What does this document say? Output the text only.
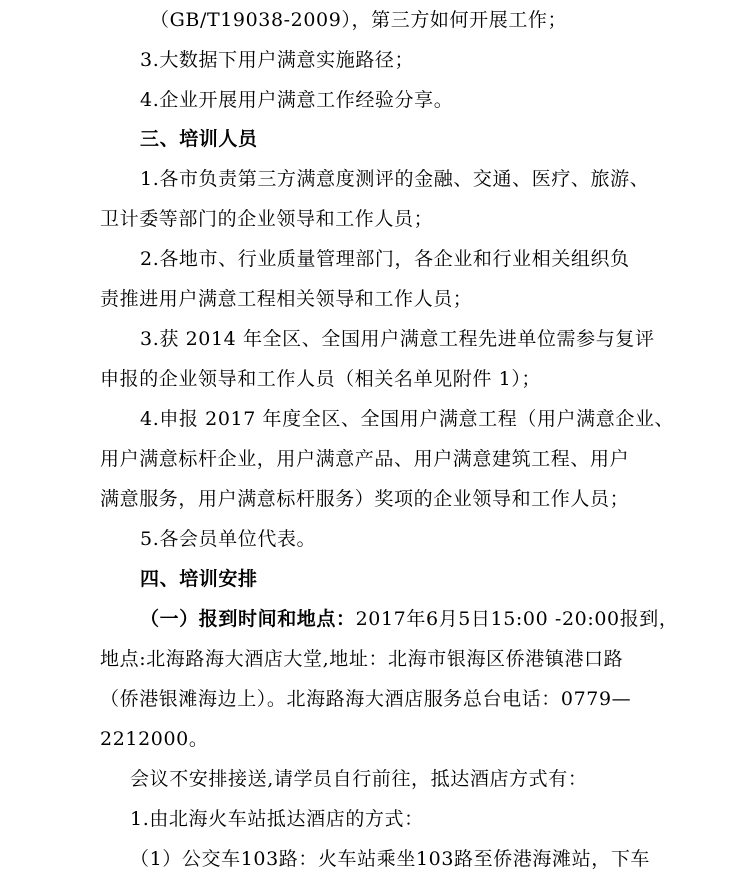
（GB/T19038-2009），第三方如何开展工作；
3.大数据下用户满意实施路径；
4.企业开展用户满意工作经验分享。
三、培训人员
1.各市负责第三方满意度测评的金融、交通、医疗、旅游、
卫计委等部门的企业领导和工作人员；
2.各地市、行业质量管理部门，各企业和行业相关组织负
责推进用户满意工程相关领导和工作人员；
3.获 2014 年全区、全国用户满意工程先进单位需参与复评
申报的企业领导和工作人员（相关名单见附件 1）；
4.申报 2017 年度全区、全国用户满意工程（用户满意企业、
用户满意标杆企业，用户满意产品、用户满意建筑工程、用户
满意服务，用户满意标杆服务）奖项的企业领导和工作人员；
5.各会员单位代表。
四、培训安排
（一）报到时间和地点：2017年6月5日15:00 -20:00报到，
地点:北海路海大酒店大堂,地址：北海市银海区侨港镇港口路
（侨港银滩海边上）。北海路海大酒店服务总台电话：0779—
2212000。
会议不安排接送,请学员自行前往，抵达酒店方式有：
1.由北海火车站抵达酒店的方式：
（1）公交车103路：火车站乘坐103路至侨港海滩站，下车
